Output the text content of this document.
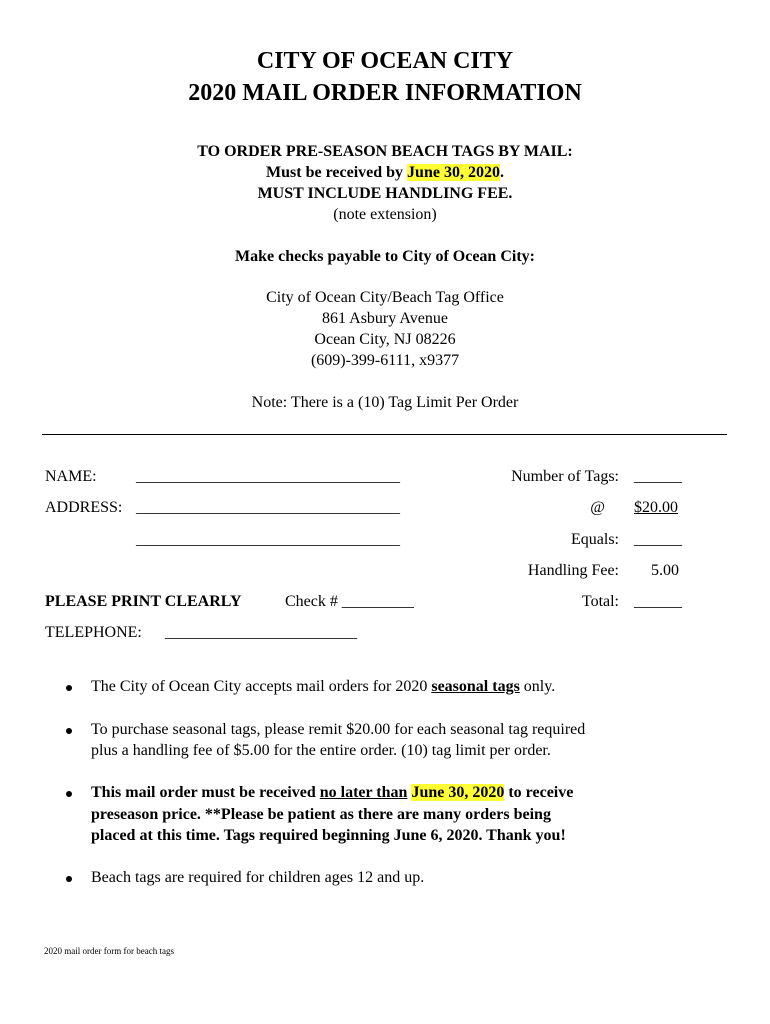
CITY OF OCEAN CITY
2020 MAIL ORDER INFORMATION
TO ORDER PRE-SEASON BEACH TAGS BY MAIL:
Must be received by June 30, 2020.
MUST INCLUDE HANDLING FEE.
(note extension)
Make checks payable to City of Ocean City:
City of Ocean City/Beach Tag Office
861 Asbury Avenue
Ocean City, NJ 08226
(609)-399-6111, x9377
Note: There is a (10) Tag Limit Per Order
NAME: _________________________________
ADDRESS: _________________________________
_________________________________
PLEASE PRINT CLEARLY	Check # _________
TELEPHONE: ________________________
Number of Tags: ______
@ $20.00
Equals: ______
Handling Fee: 5.00
Total: ______
The City of Ocean City accepts mail orders for 2020 seasonal tags only.
To purchase seasonal tags, please remit $20.00 for each seasonal tag required
plus a handling fee of $5.00 for the entire order. (10) tag limit per order.
This mail order must be received no later than June 30, 2020 to receive
preseason price. **Please be patient as there are many orders being
placed at this time. Tags required beginning June 6, 2020. Thank you!
Beach tags are required for children ages 12 and up.
2020 mail order form for beach tags
